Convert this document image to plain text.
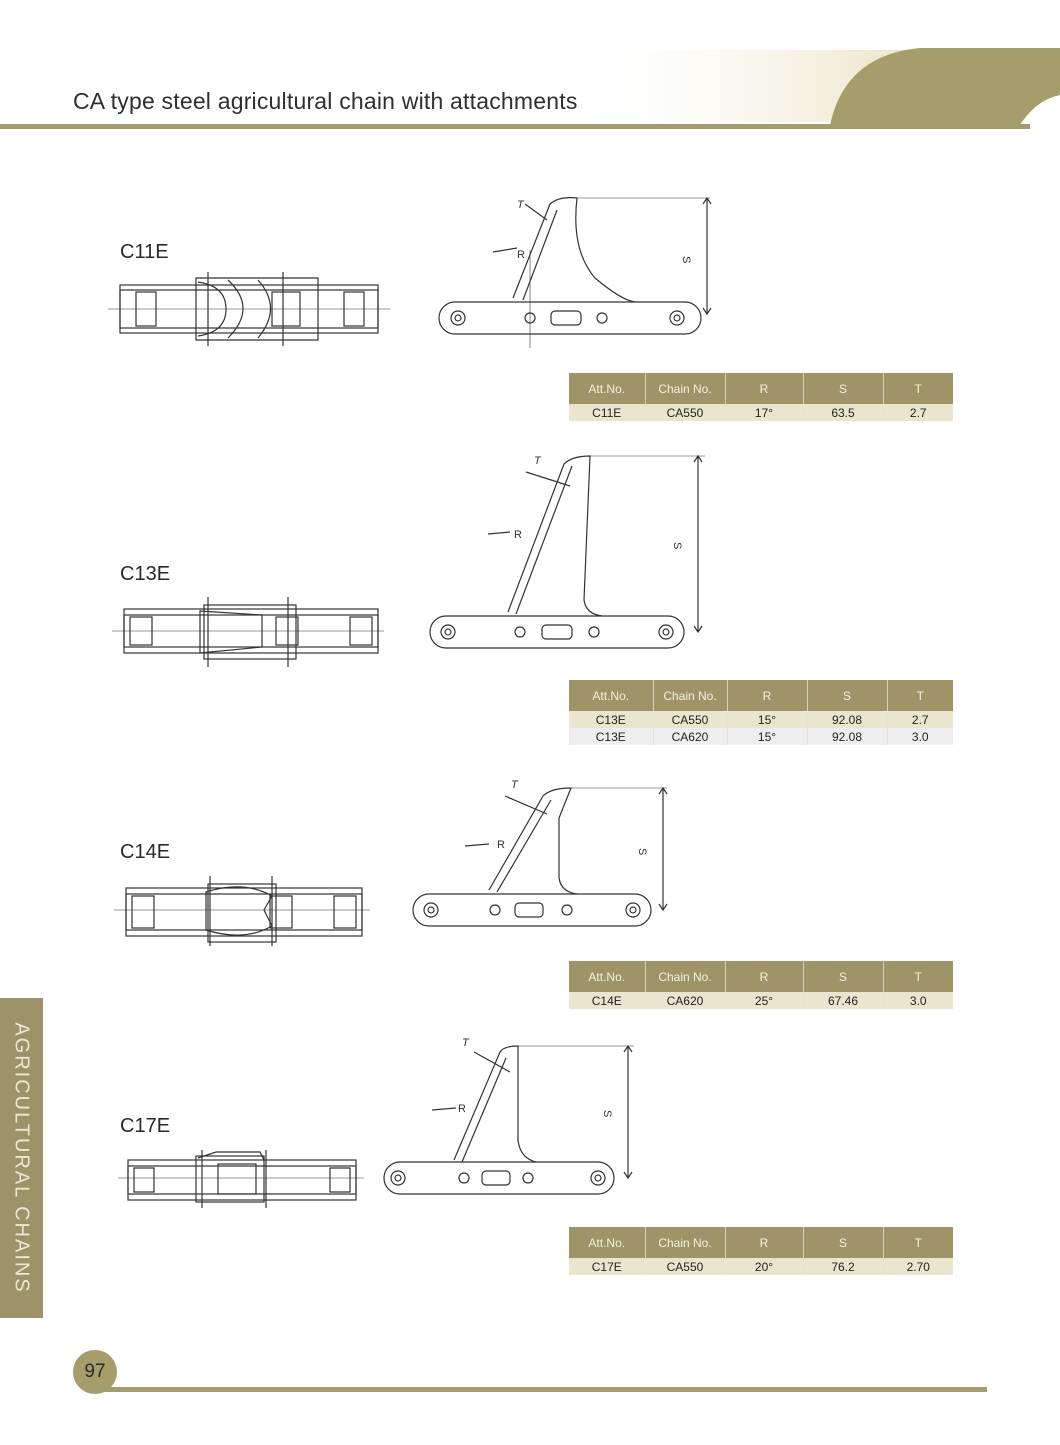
CA type steel agricultural chain with attachments
C11E
T
R	S
Att.No.	Chain No.	R	S	T
C11E	CA550	17°	63.5	2.7
C13E
T
R
S
Att.No.	Chain No.	R	S	T
C13E	CA550	15°	92.08	2.7
C13E	CA620	15°	92.08	3.0
C14E
T
R
S
Att.No.	Chain No.	R	S	T
C14E	CA620	25°	67.46	3.0
C17E
T
R	S
Att.No.	Chain No.	R	S	T
C17E	CA550	20°	76.2	2.70
AGRICULTURAL CHAINS
97
